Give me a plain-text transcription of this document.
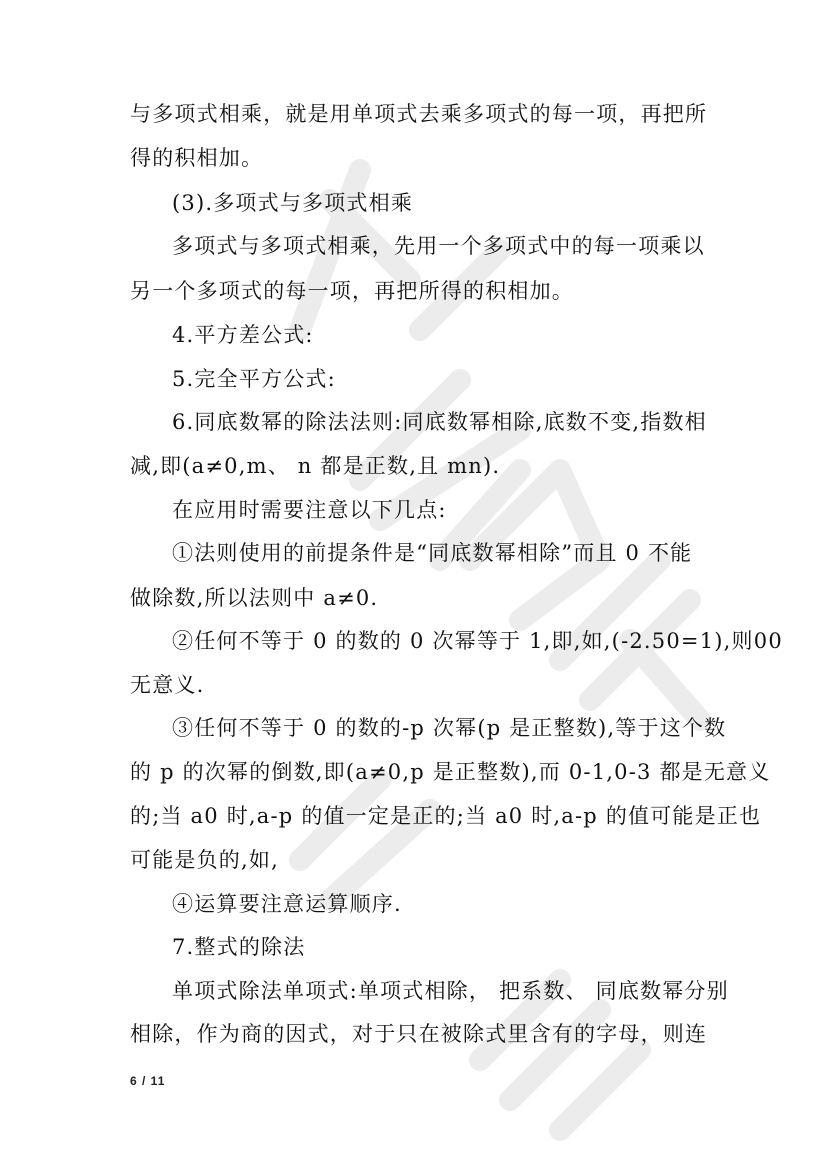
与多项式相乘，就是用单项式去乘多项式的每一项，再把所
得的积相加。
(3).多项式与多项式相乘
多项式与多项式相乘，先用一个多项式中的每一项乘以
另一个多项式的每一项，再把所得的积相加。
4.平方差公式:
5.完全平方公式:
6.同底数幂的除法法则:同底数幂相除,底数不变,指数相
减,即(a≠0,m、 n 都是正数,且 mn).
在应用时需要注意以下几点:
①法则使用的前提条件是“同底数幂相除”而且 0 不能
做除数,所以法则中 a≠0.
②任何不等于 0 的数的 0 次幂等于 1,即,如,(-2.50=1),则00
无意义.
③任何不等于 0 的数的-p 次幂(p 是正整数),等于这个数
的 p 的次幂的倒数,即(a≠0,p 是正整数),而 0-1,0-3 都是无意义
的;当 a0 时,a-p 的值一定是正的;当 a0 时,a-p 的值可能是正也
可能是负的,如,
④运算要注意运算顺序.
7.整式的除法
单项式除法单项式:单项式相除， 把系数、 同底数幂分别
相除，作为商的因式，对于只在被除式里含有的字母，则连
6 / 11
